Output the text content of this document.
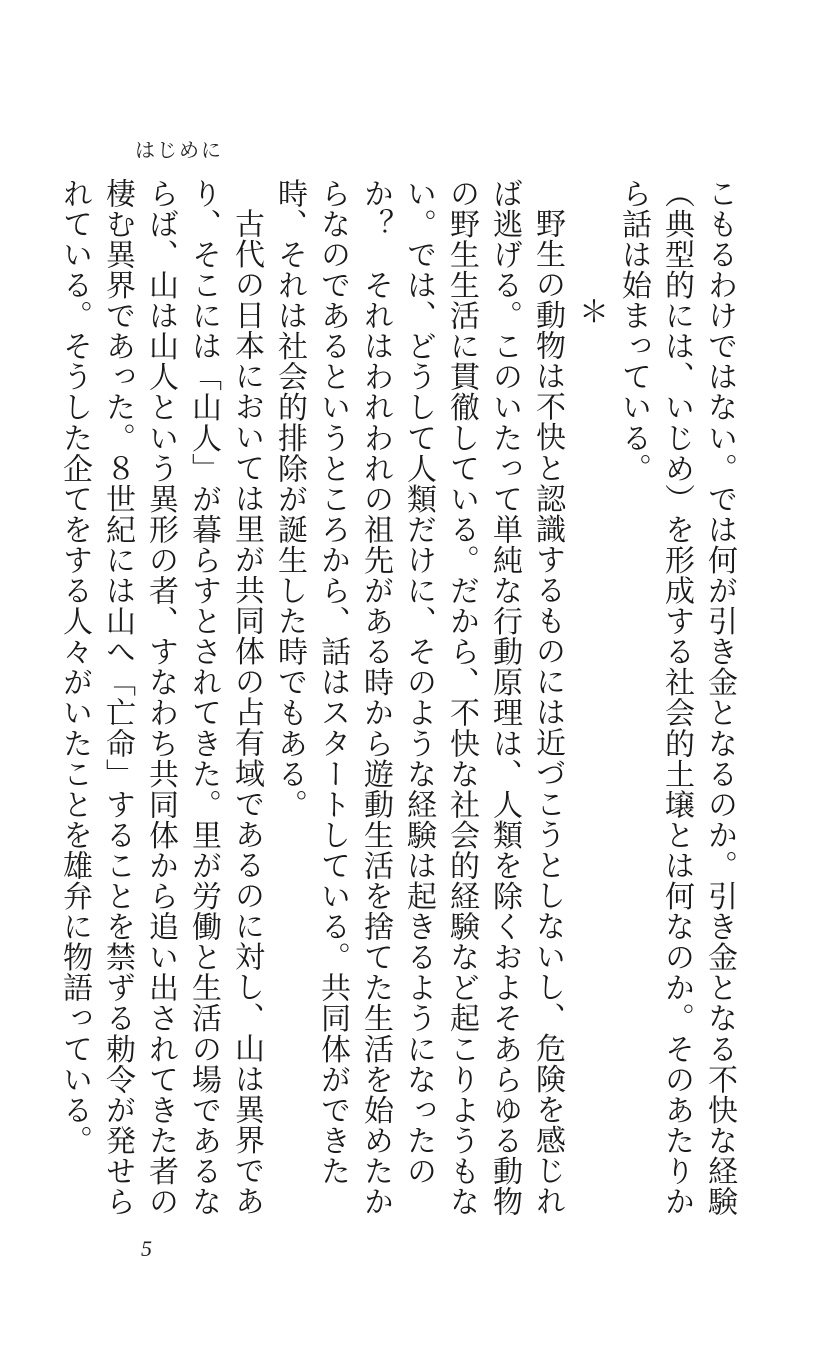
はじめに

こもるわけではない。では何が引き金となるのか。引き金となる不快な経験（典型的には、いじめ）を形成する社会的土壌とは何なのか。そのあたりから話は始まっている。

＊

野生の動物は不快と認識するものには近づこうとしないし、危険を感じれば逃げる。このいたって単純な行動原理は、人類を除くおよそあらゆる動物の野生生活に貫徹している。だから、不快な社会的経験など起こりようもない。では、どうして人類だけに、そのような経験は起きるようになったのか？　それはわれわれの祖先がある時から遊動生活を捨てた生活を始めたからなのであるというところから、話はスタートしている。共同体ができた時、それは社会的排除が誕生した時でもある。

古代の日本においては里が共同体の占有域であるのに対し、山は異界であり、そこには「山人」が暮らすとされてきた。里が労働と生活の場であるならば、山は山人という異形の者、すなわち共同体から追い出されてきた者の棲む異界であった。８世紀には山へ「亡命」することを禁ずる勅令が発せられている。そうした企てをする人々がいたことを雄弁に物語っている。

5
